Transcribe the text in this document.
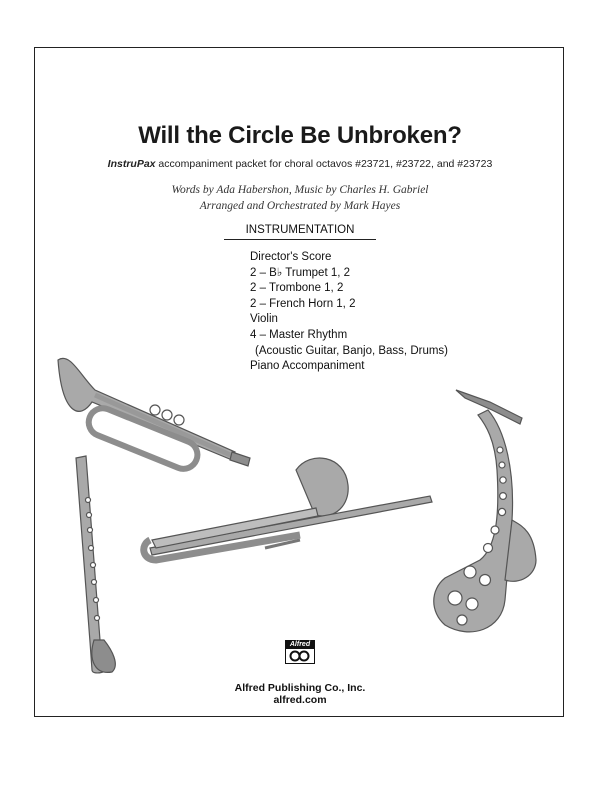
Will the Circle Be Unbroken?
InstruPax accompaniment packet for choral octavos #23721, #23722, and #23723
Words by Ada Habershon, Music by Charles H. Gabriel
Arranged and Orchestrated by Mark Hayes
INSTRUMENTATION
Director's Score
2 – B♭ Trumpet 1, 2
2 – Trombone 1, 2
2 – French Horn 1, 2
Violin
4 – Master Rhythm
(Acoustic Guitar, Banjo, Bass, Drums)
Piano Accompaniment
Alfred
Alfred Publishing Co., Inc.
alfred.com
